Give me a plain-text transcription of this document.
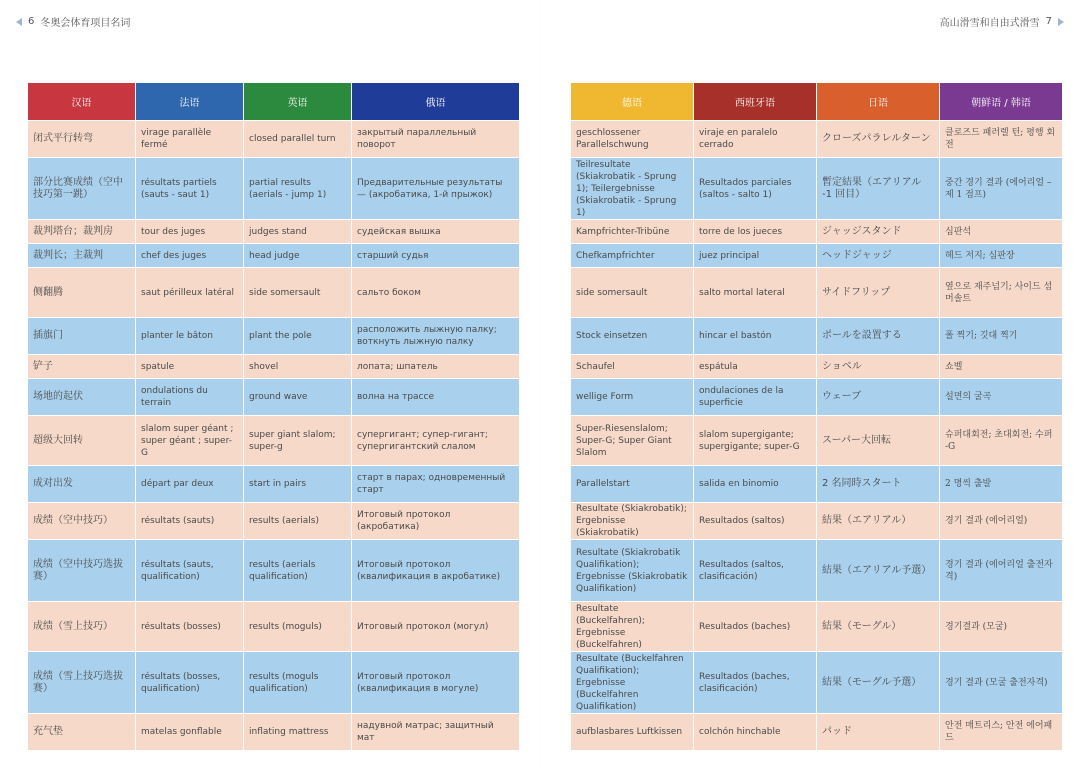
6 冬奥会体育项目名词	高山滑雪和自由式滑雪 7
汉语	法语	英语	俄语
闭式平行转弯	virage parallèle fermé	closed parallel turn	закрытый параллельный поворот
部分比赛成绩（空中技巧第一跳）	résultats partiels (sauts - saut 1)	partial results (aerials - jump 1)	Предварительные результаты — (акробатика, 1-й прыжок)
裁判塔台；裁判房	tour des juges	judges stand	судейская вышка
裁判长；主裁判	chef des juges	head judge	старший судья
侧翻腾	saut périlleux latéral	side somersault	сальто боком
插旗门	planter le bâton	plant the pole	расположить лыжную палку; воткнуть лыжную палку
铲子	spatule	shovel	лопата; шпатель
场地的起伏	ondulations du terrain	ground wave	волна на трассе
超级大回转	slalom super géant ; super géant ; super-G	super giant slalom; super-g	супергигант; супер-гигант; супергигантский слалом
成对出发	départ par deux	start in pairs	старт в парах; одновременный старт
成绩（空中技巧）	résultats (sauts)	results (aerials)	Итоговый протокол (акробатика)
成绩（空中技巧选拔赛）	résultats (sauts, qualification)	results (aerials qualification)	Итоговый протокол (квалификация в акробатике)
成绩（雪上技巧）	résultats (bosses)	results (moguls)	Итоговый протокол (могул)
成绩（雪上技巧选拔赛）	résultats (bosses, qualification)	results (moguls qualification)	Итоговый протокол (квалификация в могуле)
充气垫	matelas gonflable	inflating mattress	надувной матрас; защитный мат
德语	西班牙语	日语	朝鲜语 / 韩语
geschlossener Parallelschwung	viraje en paralelo cerrado	クローズパラレルターン	클로즈드 패러렐 턴; 평행 회전
Teilresultate (Skiakrobatik - Sprung 1); Teilergebnisse (Skiakrobatik - Sprung 1)	Resultados parciales (saltos - salto 1)	暫定結果（エアリアル -1 回目）	중간 경기 결과 (에어리얼 – 제 1 점프)
Kampfrichter-Tribüne	torre de los jueces	ジャッジスタンド	심판석
Chefkampfrichter	juez principal	ヘッドジャッジ	헤드 저지; 심판장
side somersault	salto mortal lateral	サイドフリップ	옆으로 재주넘기; 사이드 섬머솔트
Stock einsetzen	hincar el bastón	ポールを設置する	폴 찍기; 깃대 찍기
Schaufel	espátula	ショベル	쇼벨
wellige Form	ondulaciones de la superficie	ウェーブ	설면의 굴곡
Super-Riesenslalom; Super-G; Super Giant Slalom	slalom supergigante; supergigante; super-G	スーパー大回転	슈퍼대회전; 초대회전; 수퍼 -G
Parallelstart	salida en binomio	2 名同時スタート	2 명씩 출발
Resultate (Skiakrobatik); Ergebnisse (Skiakrobatik)	Resultados (saltos)	結果（エアリアル）	경기 결과 (에어리얼)
Resultate (Skiakrobatik Qualifikation); Ergebnisse (Skiakrobatik Qualifikation)	Resultados (saltos, clasificación)	結果（エアリアル予選）	경기 결과 (에어리얼 출전자격)
Resultate (Buckelfahren); Ergebnisse (Buckelfahren)	Resultados (baches)	結果（モーグル）	경기결과 (모굴)
Resultate (Buckelfahren Qualifikation); Ergebnisse (Buckelfahren Qualifikation)	Resultados (baches, clasificación)	結果（モーグル予選）	경기 결과 (모굴 출전자격)
aufblasbares Luftkissen	colchón hinchable	パッド	안전 매트리스; 안전 에어패드
